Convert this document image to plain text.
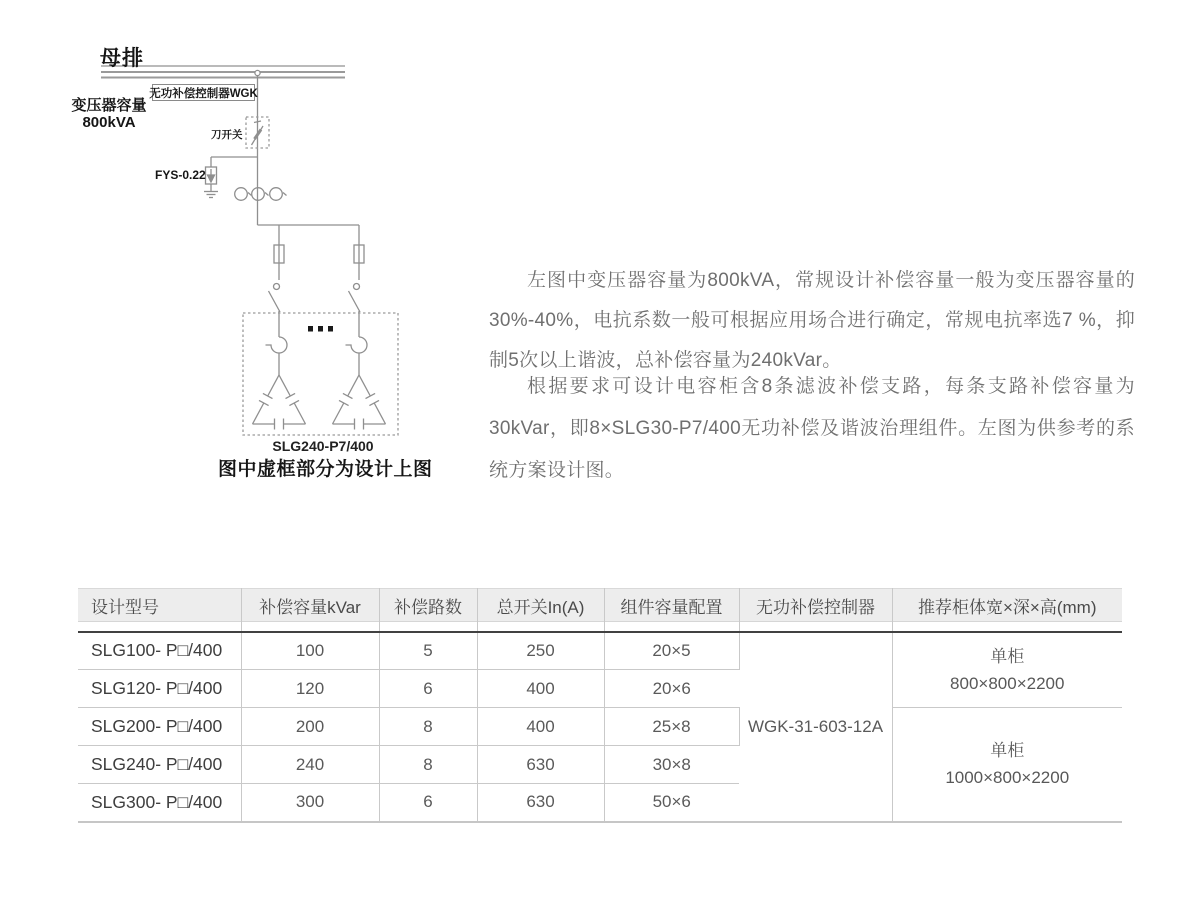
母排
无功补偿控制器WGK
变压器容量
800kVA
刀开关
FYS-0.22
SLG240-P7/400
图中虚框部分为设计上图

左图中变压器容量为800kVA，常规设计补偿容量一般为变压器容量的30%-40%，电抗系数一般可根据应用场合进行确定，常规电抗率选7 %，抑制5次以上谐波，总补偿容量为240kVar。

根据要求可设计电容柜含8条滤波补偿支路，每条支路补偿容量为30kVar，即8×SLG30-P7/400无功补偿及谐波治理组件。左图为供参考的系统方案设计图。

设计型号	补偿容量kVar	补偿路数	总开关In(A)	组件容量配置	无功补偿控制器	推荐柜体宽×深×高(mm)

SLG100- P□/400	100	5	250	20×5	WGK-31-603-12A	单柜
800×800×2200

SLG120- P□/400	120	6	400	20×6		
SLG200- P□/400	200	8	400	25×8		单柜
1000×800×2200

SLG240- P□/400	240	8	630	30×8		
SLG300- P□/400	300	6	630	50×6		
